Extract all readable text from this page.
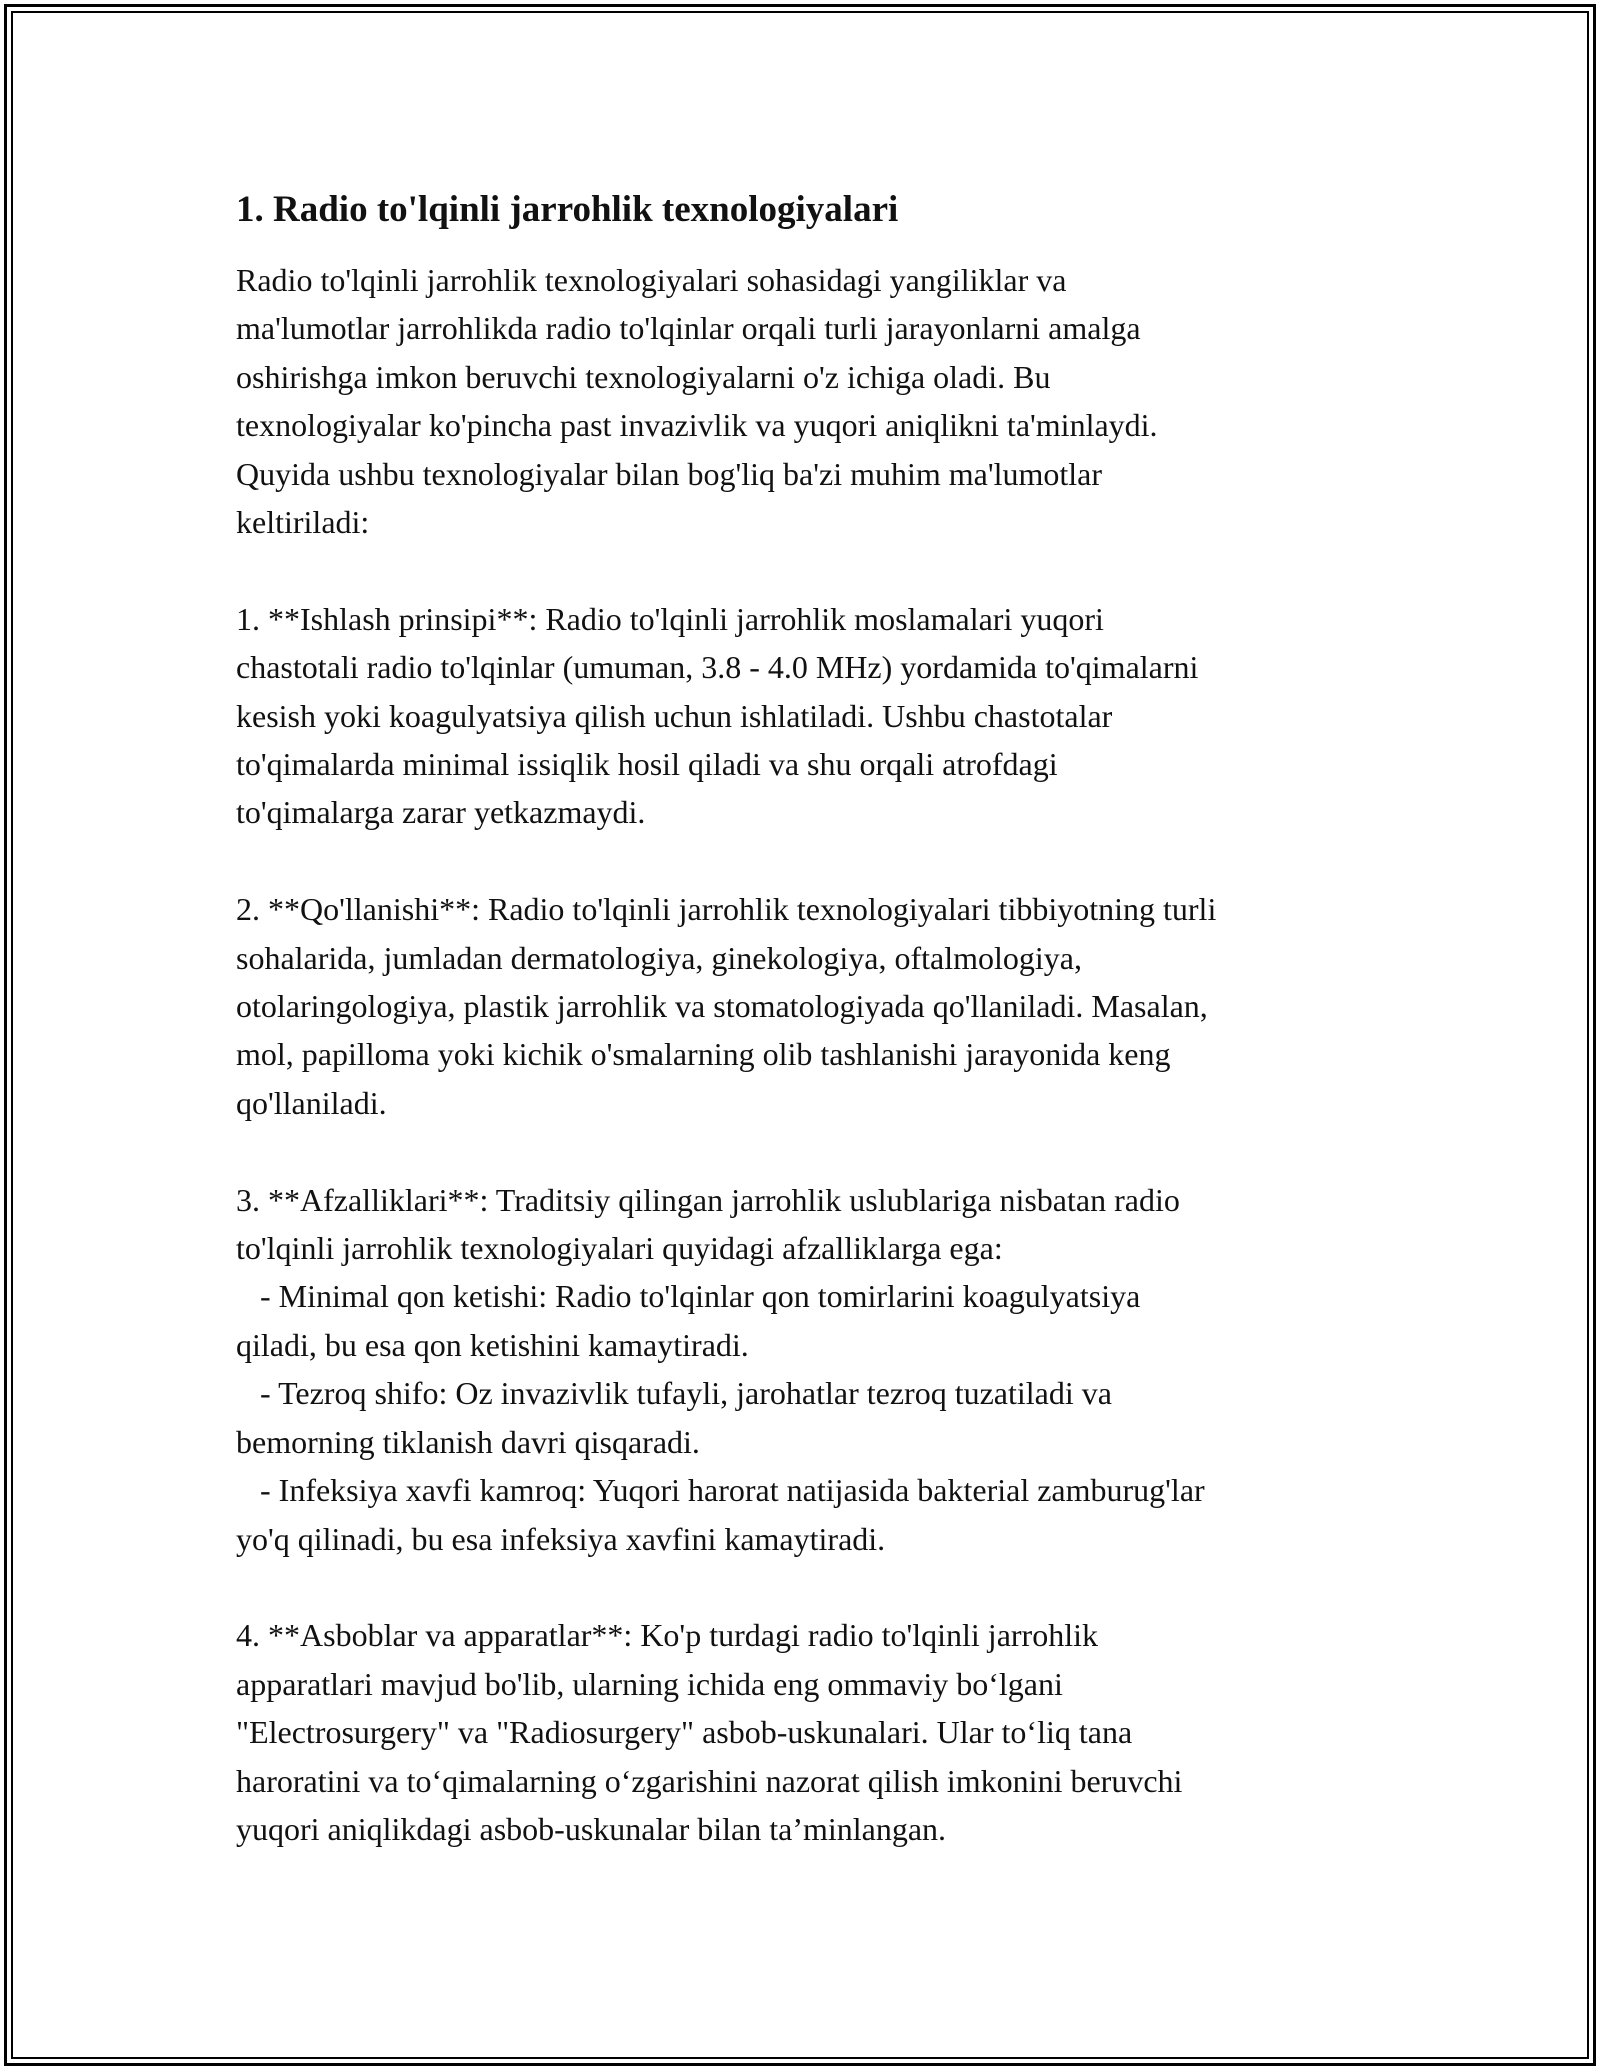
1. Radio to'lqinli jarrohlik texnologiyalari
Radio to'lqinli jarrohlik texnologiyalari sohasidagi yangiliklar va
ma'lumotlar jarrohlikda radio to'lqinlar orqali turli jarayonlarni amalga
oshirishga imkon beruvchi texnologiyalarni o'z ichiga oladi. Bu
texnologiyalar ko'pincha past invazivlik va yuqori aniqlikni ta'minlaydi.
Quyida ushbu texnologiyalar bilan bog'liq ba'zi muhim ma'lumotlar
keltiriladi:
1. **Ishlash prinsipi**: Radio to'lqinli jarrohlik moslamalari yuqori
chastotali radio to'lqinlar (umuman, 3.8 - 4.0 MHz) yordamida to'qimalarni
kesish yoki koagulyatsiya qilish uchun ishlatiladi. Ushbu chastotalar
to'qimalarda minimal issiqlik hosil qiladi va shu orqali atrofdagi
to'qimalarga zarar yetkazmaydi.
2. **Qo'llanishi**: Radio to'lqinli jarrohlik texnologiyalari tibbiyotning turli
sohalarida, jumladan dermatologiya, ginekologiya, oftalmologiya,
otolaringologiya, plastik jarrohlik va stomatologiyada qo'llaniladi. Masalan,
mol, papilloma yoki kichik o'smalarning olib tashlanishi jarayonida keng
qo'llaniladi.
3. **Afzalliklari**: Traditsiy qilingan jarrohlik uslublariga nisbatan radio
to'lqinli jarrohlik texnologiyalari quyidagi afzalliklarga ega:
- Minimal qon ketishi: Radio to'lqinlar qon tomirlarini koagulyatsiya
qiladi, bu esa qon ketishini kamaytiradi.
- Tezroq shifo: Oz invazivlik tufayli, jarohatlar tezroq tuzatiladi va
bemorning tiklanish davri qisqaradi.
- Infeksiya xavfi kamroq: Yuqori harorat natijasida bakterial zamburug'lar
yo'q qilinadi, bu esa infeksiya xavfini kamaytiradi.
4. **Asboblar va apparatlar**: Ko'p turdagi radio to'lqinli jarrohlik
apparatlari mavjud bo'lib, ularning ichida eng ommaviy bo‘lgani
"Electrosurgery" va "Radiosurgery" asbob-uskunalari. Ular to‘liq tana
haroratini va to‘qimalarning o‘zgarishini nazorat qilish imkonini beruvchi
yuqori aniqlikdagi asbob-uskunalar bilan ta’minlangan.
